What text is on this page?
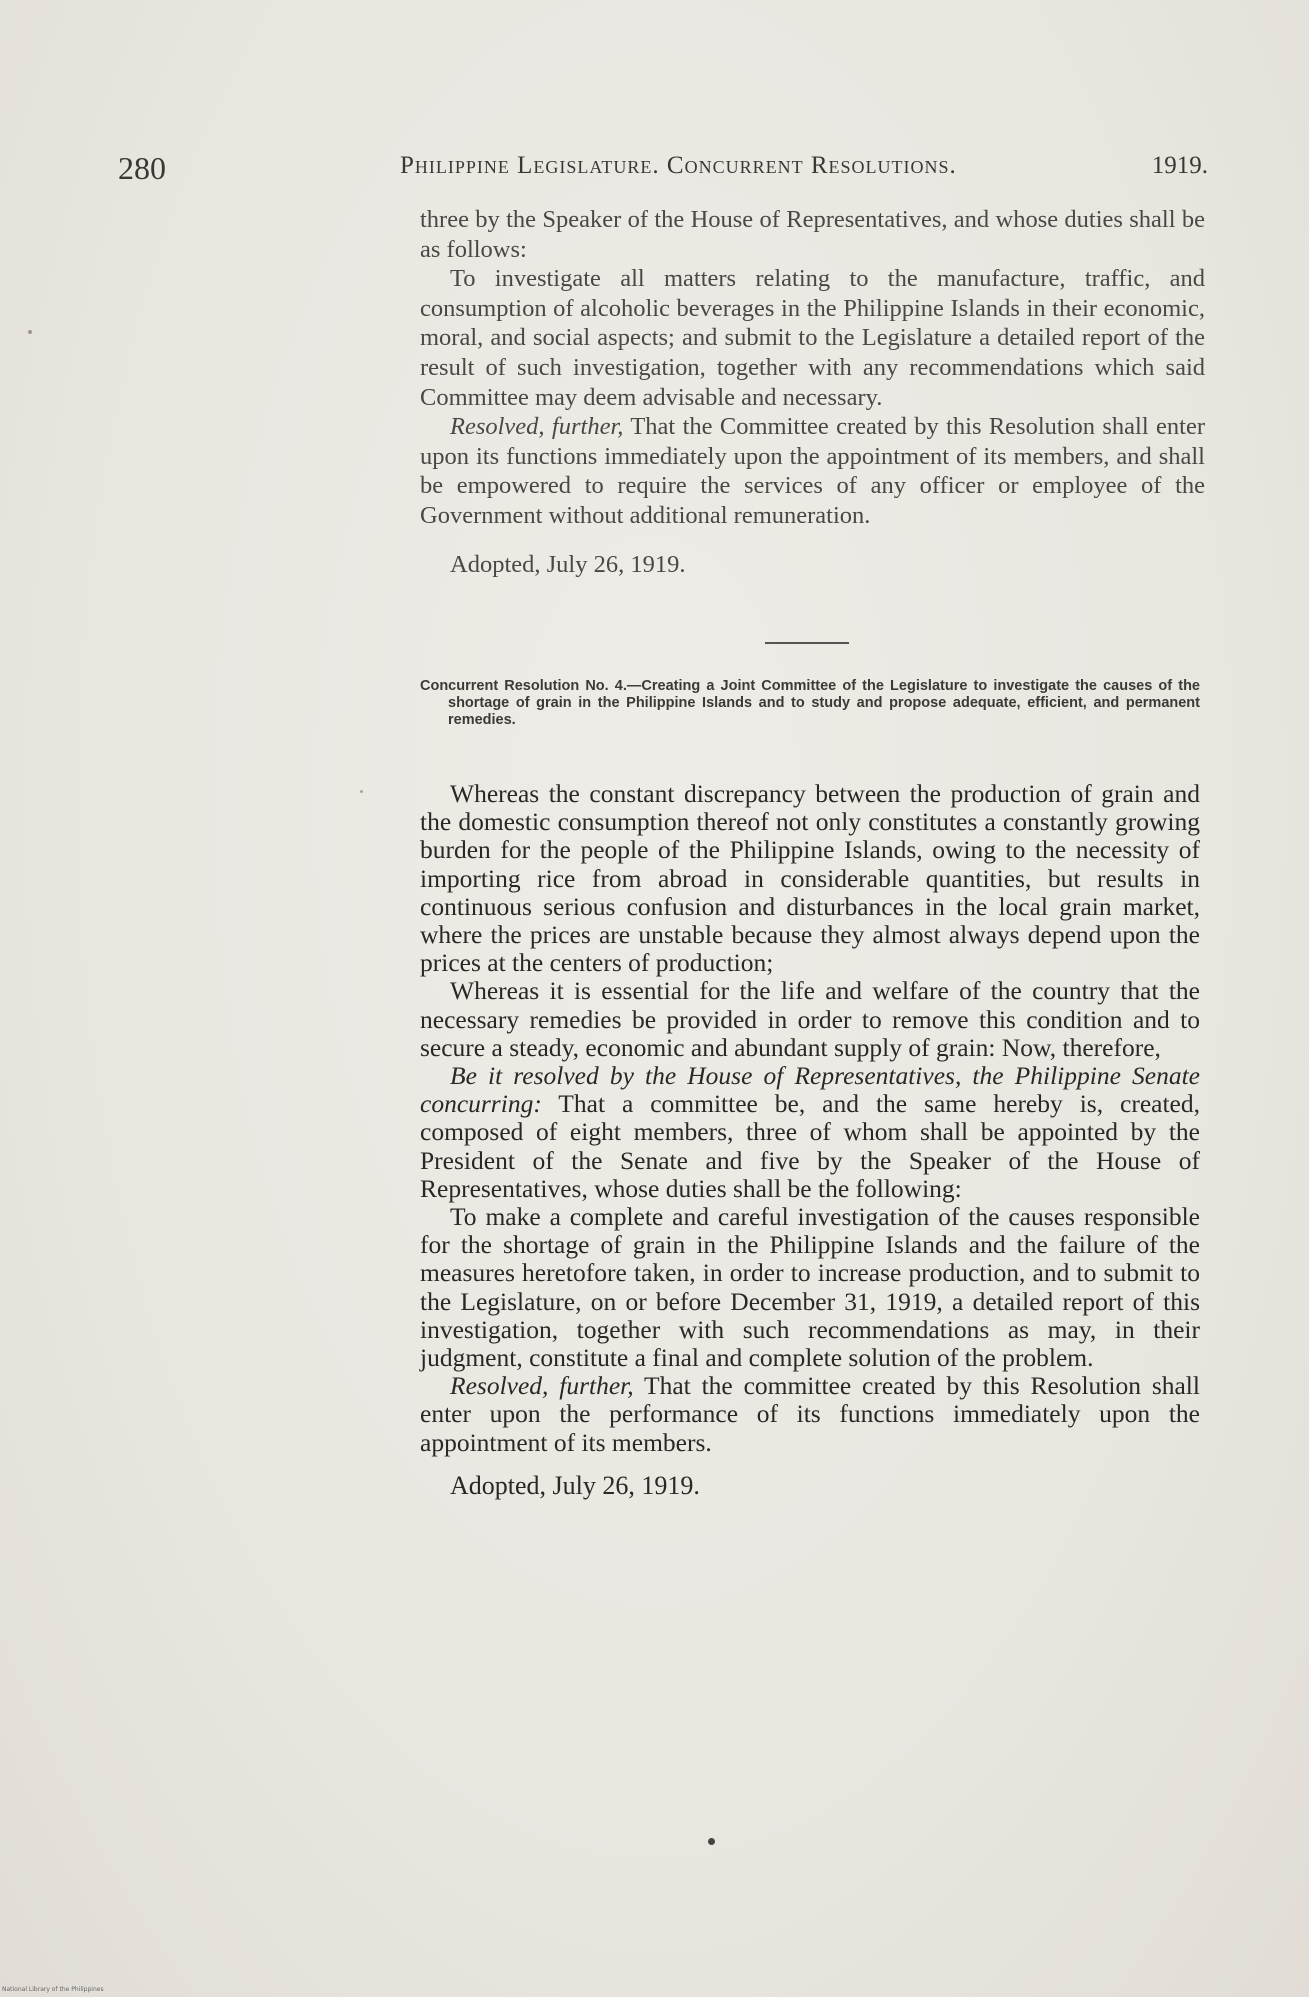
280	Philippine Legislature. Concurrent Resolutions.	1919.

three by the Speaker of the House of Representatives, and whose duties shall be as follows:

To investigate all matters relating to the manufacture, traffic, and consumption of alcoholic beverages in the Philippine Islands in their economic, moral, and social aspects; and submit to the Legislature a detailed report of the result of such investigation, together with any recommendations which said Committee may deem advisable and necessary.

Resolved, further, That the Committee created by this Resolution shall enter upon its functions immediately upon the appointment of its members, and shall be empowered to require the services of any officer or employee of the Government without additional remuneration.

Adopted, July 26, 1919.

Concurrent Resolution No. 4.—Creating a Joint Committee of the Legislature to investigate the causes of the shortage of grain in the Philippine Islands and to study and propose adequate, efficient, and permanent remedies.

Whereas the constant discrepancy between the production of grain and the domestic consumption thereof not only constitutes a constantly growing burden for the people of the Philippine Islands, owing to the necessity of importing rice from abroad in considerable quantities, but results in continuous serious confusion and disturbances in the local grain market, where the prices are unstable because they almost always depend upon the prices at the centers of production;

Whereas it is essential for the life and welfare of the country that the necessary remedies be provided in order to remove this condition and to secure a steady, economic and abundant supply of grain: Now, therefore,

Be it resolved by the House of Representatives, the Philippine Senate concurring: That a committee be, and the same hereby is, created, composed of eight members, three of whom shall be appointed by the President of the Senate and five by the Speaker of the House of Representatives, whose duties shall be the following:

To make a complete and careful investigation of the causes responsible for the shortage of grain in the Philippine Islands and the failure of the measures heretofore taken, in order to increase production, and to submit to the Legislature, on or before December 31, 1919, a detailed report of this investigation, together with such recommendations as may, in their judgment, constitute a final and complete solution of the problem.

Resolved, further, That the committee created by this Resolution shall enter upon the performance of its functions immediately upon the appointment of its members.

Adopted, July 26, 1919.

National Library of the Philippines
